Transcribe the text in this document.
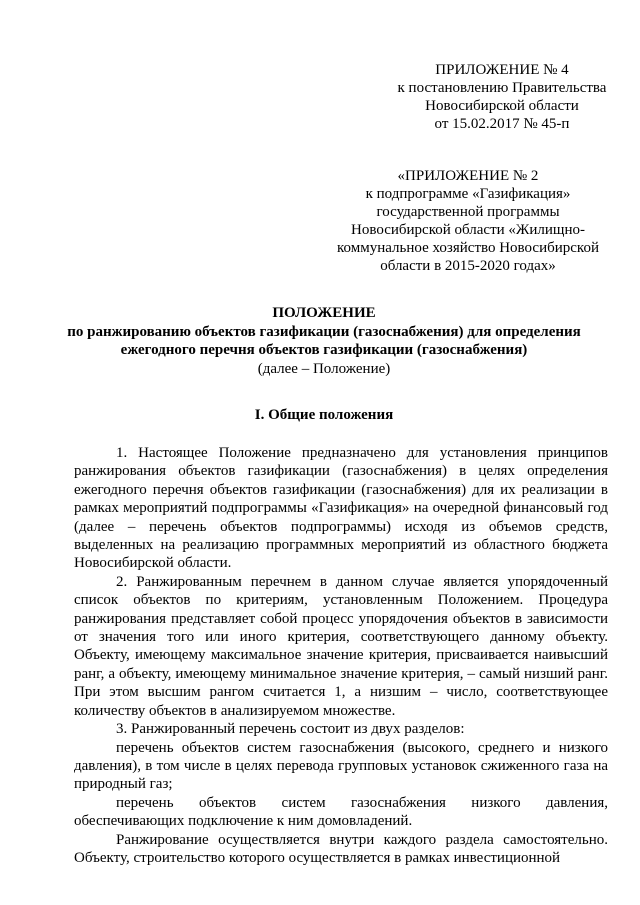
ПРИЛОЖЕНИЕ № 4
к постановлению Правительства
Новосибирской области
от 15.02.2017 № 45-п
«ПРИЛОЖЕНИЕ № 2
к подпрограмме «Газификация»
государственной программы
Новосибирской области «Жилищно-
коммунальное хозяйство Новосибирской
области в 2015-2020 годах»
ПОЛОЖЕНИЕ
по ранжированию объектов газификации (газоснабжения) для определения
ежегодного перечня объектов газификации (газоснабжения)
(далее – Положение)
I. Общие положения

1. Настоящее Положение предназначено для установления принципов ранжирования объектов газификации (газоснабжения) в целях определения ежегодного перечня объектов газификации (газоснабжения) для их реализации в рамках мероприятий подпрограммы «Газификация» на очередной финансовый год (далее – перечень объектов подпрограммы) исходя из объемов средств, выделенных на реализацию программных мероприятий из областного бюджета Новосибирской области.

2. Ранжированным перечнем в данном случае является упорядоченный список объектов по критериям, установленным Положением. Процедура ранжирования представляет собой процесс упорядочения объектов в зависимости от значения того или иного критерия, соответствующего данному объекту. Объекту, имеющему максимальное значение критерия, присваивается наивысший ранг, а объекту, имеющему минимальное значение критерия, – самый низший ранг. При этом высшим рангом считается 1, а низшим – число, соответствующее количеству объектов в анализируемом множестве.

3. Ранжированный перечень состоит из двух разделов:

перечень объектов систем газоснабжения (высокого, среднего и низкого давления), в том числе в целях перевода групповых установок сжиженного газа на природный газ;

перечень объектов систем газоснабжения низкого давления, обеспечивающих подключение к ним домовладений.

Ранжирование осуществляется внутри каждого раздела самостоятельно. Объекту, строительство которого осуществляется в рамках инвестиционной
